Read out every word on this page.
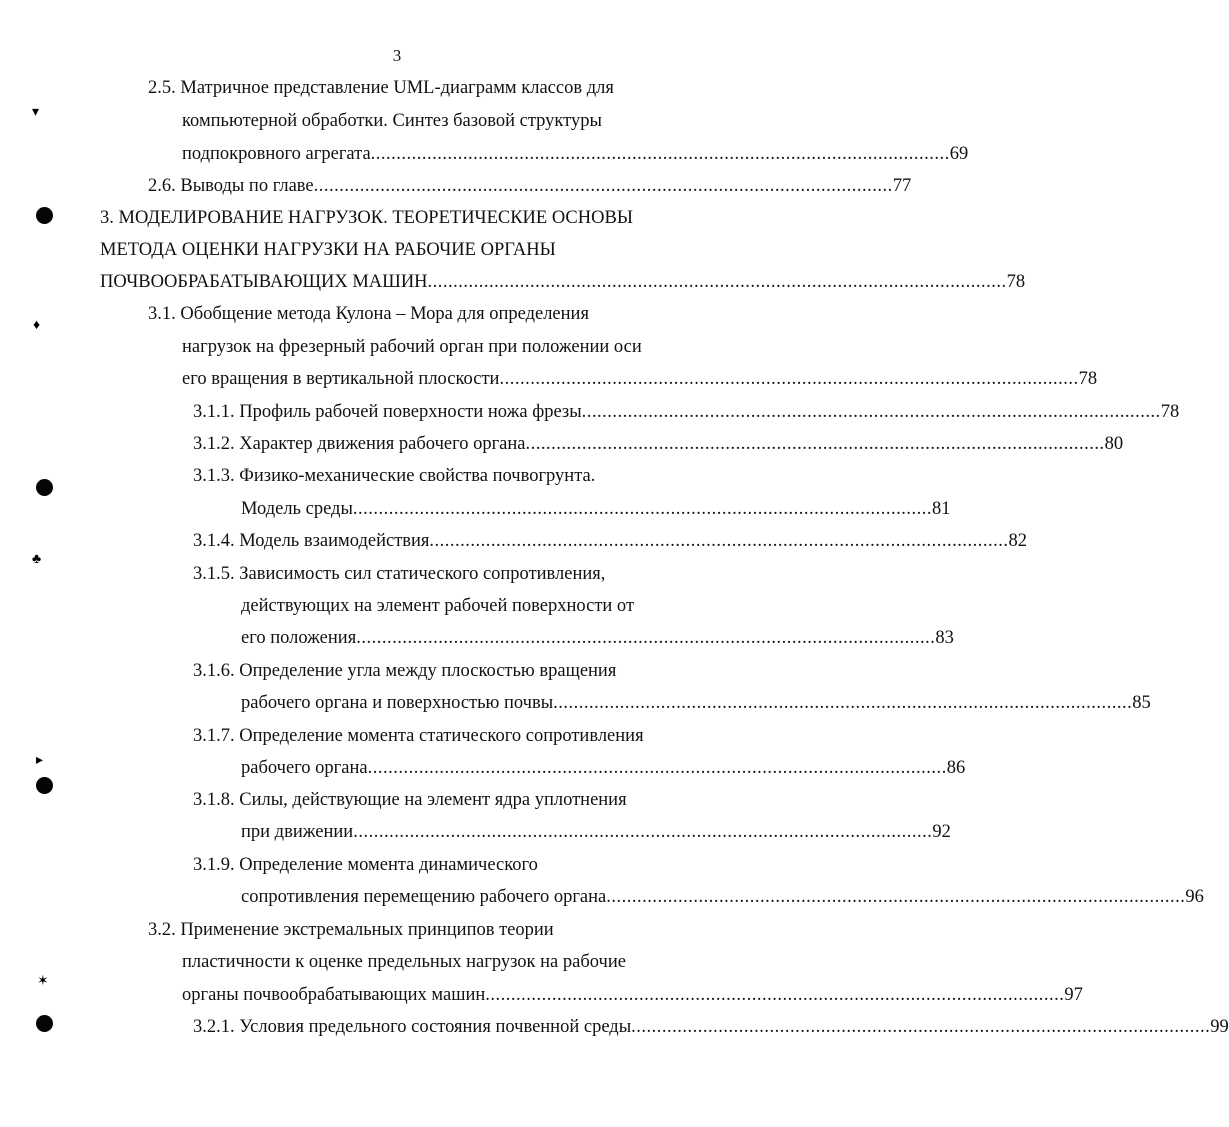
3
▾
♦
♣
▸
✶
2.5. Матричное представление UML-диаграмм классов для
компьютерной обработки. Синтез базовой структуры
подпокровного агрегата ................................................................................................................. 69
2.6. Выводы по главе ................................................................................................................. 77
3. МОДЕЛИРОВАНИЕ НАГРУЗОК. ТЕОРЕТИЧЕСКИЕ ОСНОВЫ
МЕТОДА ОЦЕНКИ НАГРУЗКИ НА РАБОЧИЕ ОРГАНЫ
ПОЧВООБРАБАТЫВАЮЩИХ МАШИН ................................................................................................................. 78
3.1. Обобщение метода Кулона – Мора для определения
нагрузок на фрезерный рабочий орган при положении оси
его вращения в вертикальной плоскости ................................................................................................................. 78
3.1.1. Профиль рабочей поверхности ножа фрезы ................................................................................................................. 78
3.1.2. Характер движения рабочего органа ................................................................................................................. 80
3.1.3. Физико-механические свойства почвогрунта.
Модель среды ................................................................................................................. 81
3.1.4. Модель взаимодействия ................................................................................................................. 82
3.1.5. Зависимость сил статического сопротивления,
действующих на элемент рабочей поверхности от
его положения ................................................................................................................. 83
3.1.6. Определение угла между плоскостью вращения
рабочего органа и поверхностью почвы ................................................................................................................. 85
3.1.7. Определение момента статического сопротивления
рабочего органа ................................................................................................................. 86
3.1.8. Силы, действующие на элемент ядра уплотнения
при движении ................................................................................................................. 92
3.1.9. Определение момента динамического
сопротивления перемещению рабочего органа ................................................................................................................. 96
3.2. Применение экстремальных принципов теории
пластичности к оценке предельных нагрузок на рабочие
органы почвообрабатывающих машин ................................................................................................................. 97
3.2.1. Условия предельного состояния почвенной среды ................................................................................................................. 99
